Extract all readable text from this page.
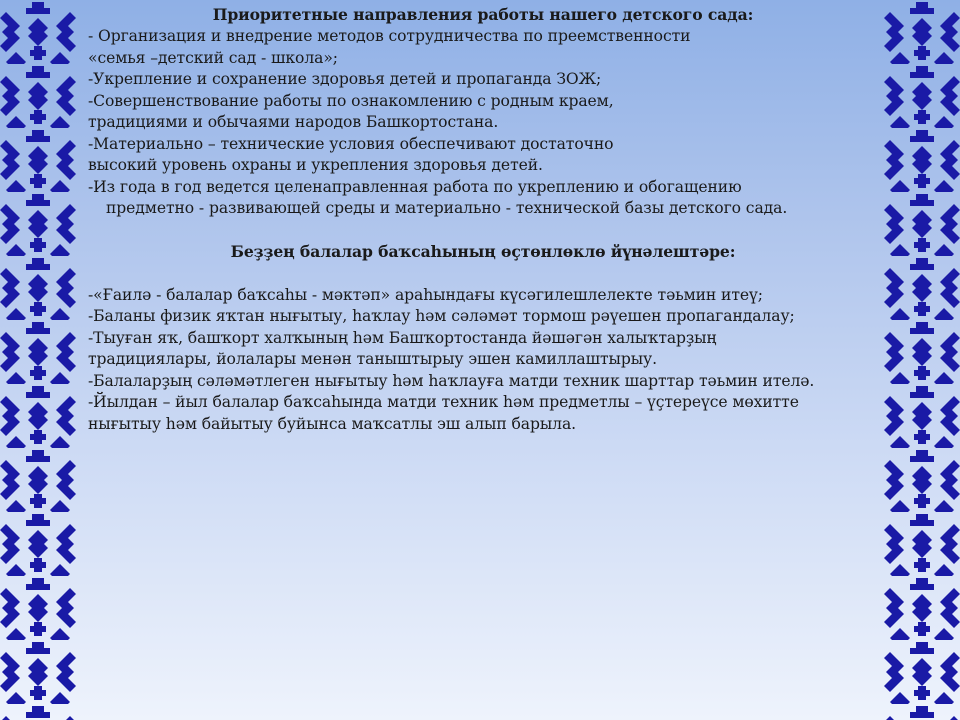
Приоритетные направления работы нашего детского сада:
- Организация и внедрение методов сотрудничества по преемственности
«семья –детский сад - школа»;
-Укрепление и сохранение здоровья детей и пропаганда ЗОЖ;
-Совершенствование работы по ознакомлению с родным краем,
традициями и обычаями народов Башкортостана.
-Материально – технические условия обеспечивают достаточно
высокий уровень охраны и укрепления здоровья детей.
-Из года в год ведется целенаправленная работа по укреплению и обогащению
предметно - развивающей среды и материально - технической базы детского сада.
Беҙҙең балалар баҡсаһының өҫтөнлөклө йүнәлештәре:
-«Ғаилә - балалар баҡсаһы - мәктәп» араһындағы күсәгилешлелекте тәьмин итеү;
-Баланы физик яҡтан нығытыу, һаҡлау һәм сәләмәт тормош рәүешен пропагандалау;
-Тыуған яҡ, башҡорт халҡының һәм Башҡортостанда йәшәгән халыҡтарҙың
традициялары, йолалары менән таныштырыу эшен камиллаштырыу.
-Балаларҙың сәләмәтлеген нығытыу һәм һаҡлауға матди техник шарттар тәьмин ителә.
-Йылдан – йыл балалар баҡсаһында матди техник һәм предметлы – үҫтереүсе мөхитте
нығытыу һәм байытыу буйынса маҡсатлы эш алып барыла.
